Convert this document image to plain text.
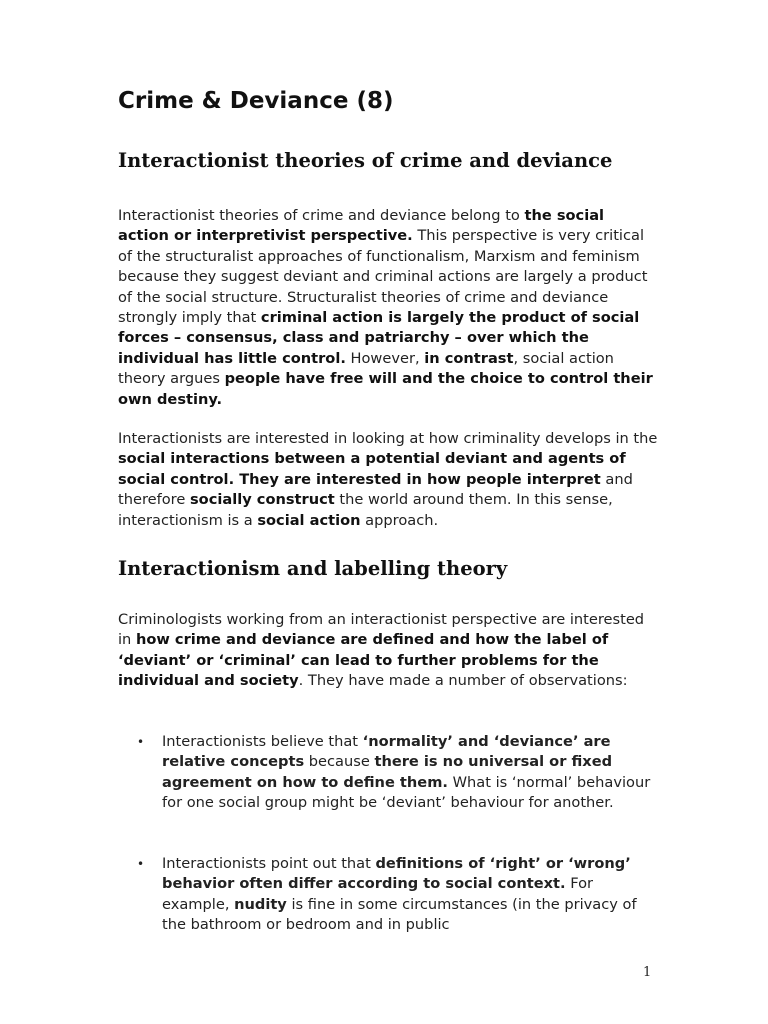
Crime & Deviance (8)
Interactionist theories of crime and deviance

Interactionist theories of crime and deviance belong to the social action or interpretivist perspective. This perspective is very critical of the structuralist approaches of functionalism, Marxism and feminism because they suggest deviant and criminal actions are largely a product of the social structure. Structuralist theories of crime and deviance strongly imply that criminal action is largely the product of social forces – consensus, class and patriarchy – over which the individual has little control. However, in contrast, social action theory argues people have free will and the choice to control their own destiny.

Interactionists are interested in looking at how criminality develops in the social interactions between a potential deviant and agents of social control. They are interested in how people interpret and therefore socially construct the world around them. In this sense, interactionism is a social action approach.

Interactionism and labelling theory

Criminologists working from an interactionist perspective are interested in how crime and deviance are defined and how the label of ‘deviant’ or ‘criminal’ can lead to further problems for the individual and society. They have made a number of observations:

• Interactionists believe that ‘normality’ and ‘deviance’ are relative concepts because there is no universal or fixed agreement on how to define them. What is ‘normal’ behaviour for one social group might be ‘deviant’ behaviour for another.
• Interactionists point out that definitions of ‘right’ or ‘wrong’ behavior often differ according to social context. For example, nudity is fine in some circumstances (in the privacy of the bathroom or bedroom and in public
1
